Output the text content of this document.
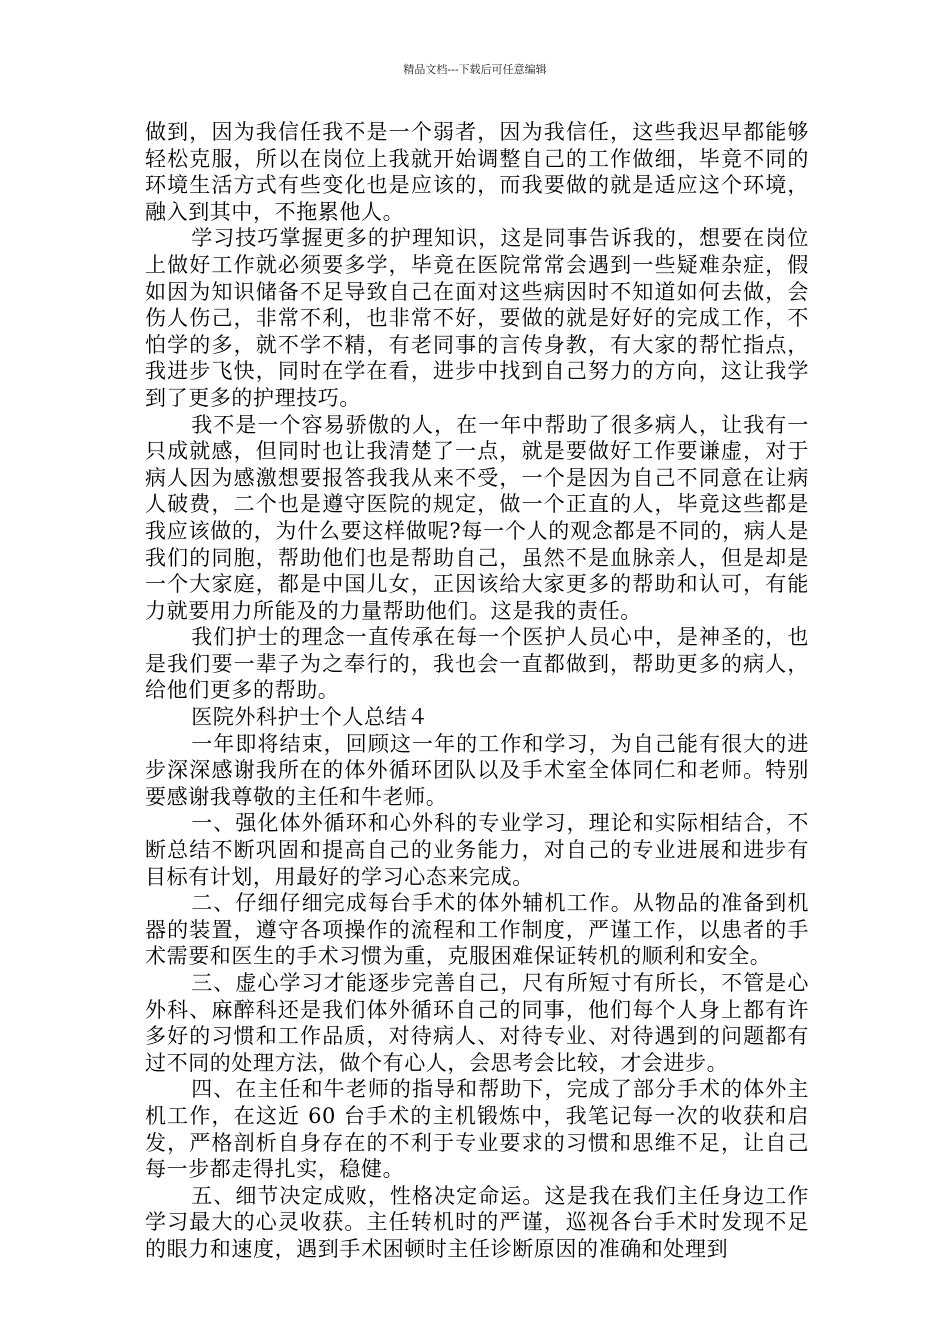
精品文档---下载后可任意编辑

做到，因为我信任我不是一个弱者，因为我信任，这些我迟早都能够轻松克服，所以在岗位上我就开始调整自己的工作做细，毕竟不同的环境生活方式有些变化也是应该的，而我要做的就是适应这个环境，融入到其中，不拖累他人。

学习技巧掌握更多的护理知识，这是同事告诉我的，想要在岗位上做好工作就必须要多学，毕竟在医院常常会遇到一些疑难杂症，假如因为知识储备不足导致自己在面对这些病因时不知道如何去做，会伤人伤己，非常不利，也非常不好，要做的就是好好的完成工作，不怕学的多，就不学不精，有老同事的言传身教，有大家的帮忙指点，我进步飞快，同时在学在看，进步中找到自己努力的方向，这让我学到了更多的护理技巧。

我不是一个容易骄傲的人，在一年中帮助了很多病人，让我有一只成就感，但同时也让我清楚了一点，就是要做好工作要谦虚，对于病人因为感激想要报答我我从来不受，一个是因为自己不同意在让病人破费，二个也是遵守医院的规定，做一个正直的人，毕竟这些都是我应该做的，为什么要这样做呢?每一个人的观念都是不同的，病人是我们的同胞，帮助他们也是帮助自己，虽然不是血脉亲人，但是却是一个大家庭，都是中国儿女，正因该给大家更多的帮助和认可，有能力就要用力所能及的力量帮助他们。这是我的责任。

我们护士的理念一直传承在每一个医护人员心中，是神圣的，也是我们要一辈子为之奉行的，我也会一直都做到，帮助更多的病人，给他们更多的帮助。

医院外科护士个人总结４

一年即将结束，回顾这一年的工作和学习，为自己能有很大的进步深深感谢我所在的体外循环团队以及手术室全体同仁和老师。特别要感谢我尊敬的主任和牛老师。

一、强化体外循环和心外科的专业学习，理论和实际相结合，不断总结不断巩固和提高自己的业务能力，对自己的专业进展和进步有目标有计划，用最好的学习心态来完成。

二、仔细仔细完成每台手术的体外辅机工作。从物品的准备到机器的装置，遵守各项操作的流程和工作制度，严谨工作，以患者的手术需要和医生的手术习惯为重，克服困难保证转机的顺利和安全。

三、虚心学习才能逐步完善自己，尺有所短寸有所长，不管是心外科、麻醉科还是我们体外循环自己的同事，他们每个人身上都有许多好的习惯和工作品质，对待病人、对待专业、对待遇到的问题都有过不同的处理方法，做个有心人，会思考会比较，才会进步。

四、在主任和牛老师的指导和帮助下，完成了部分手术的体外主机工作，在这近 60 台手术的主机锻炼中，我笔记每一次的收获和启发，严格剖析自身存在的不利于专业要求的习惯和思维不足，让自己每一步都走得扎实，稳健。

五、细节决定成败，性格决定命运。这是我在我们主任身边工作学习最大的心灵收获。主任转机时的严谨，巡视各台手术时发现不足的眼力和速度，遇到手术困顿时主任诊断原因的准确和处理到
